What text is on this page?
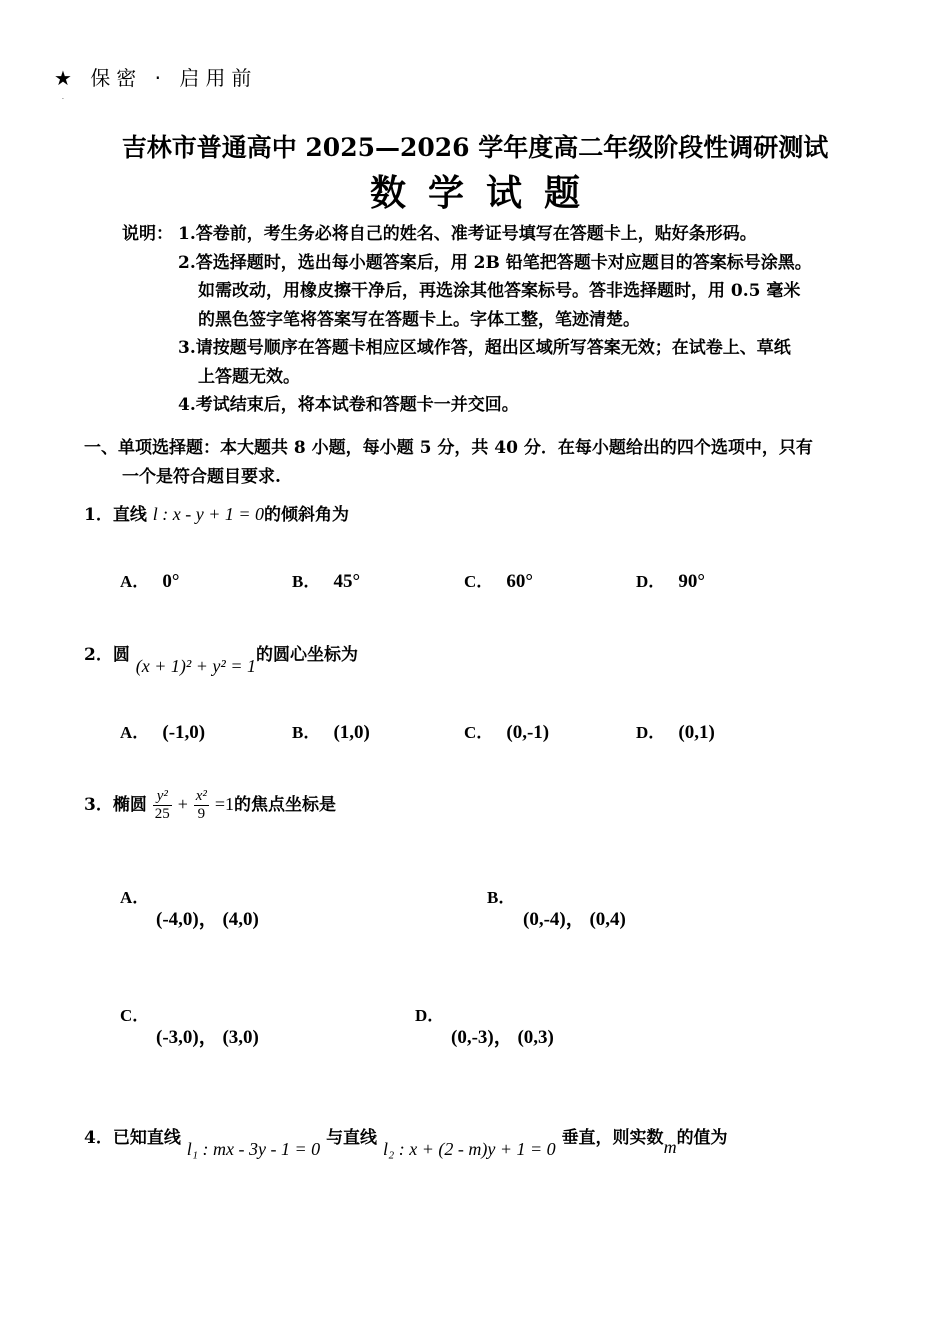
★ 保密 · 启用前
·
吉林市普通高中 2025—2026 学年度高二年级阶段性调研测试
数学试题
说明： 1.答卷前，考生务必将自己的姓名、准考证号填写在答题卡上，贴好条形码。
2.答选择题时，选出每小题答案后，用 2B 铅笔把答题卡对应题目的答案标号涂黑。
如需改动，用橡皮擦干净后，再选涂其他答案标号。答非选择题时，用 0.5 毫米
的黑色签字笔将答案写在答题卡上。字体工整，笔迹清楚。
3.请按题号顺序在答题卡相应区域作答，超出区域所写答案无效；在试卷上、草纸
上答题无效。
4.考试结束后，将本试卷和答题卡一并交回。
一、单项选择题：本大题共 8 小题，每小题 5 分，共 40 分．在每小题给出的四个选项中，只有
一个是符合题目要求.
1．直线 l : x - y + 1 = 0的倾斜角为
A． 0°	B． 45°	C． 60°	D． 90°
2．圆 (x + 1)² + y² = 1的圆心坐标为
A． (-1,0)	B． (1,0)	C． (0,-1)	D． (0,1)
3．椭圆 $\frac{\text{y²}}{25} + \frac{\text{x²}}{9} =1$的焦点坐标是
A．
(-4,0)， (4,0)
B．
(0,-4)， (0,4)
C．
(-3,0)， (3,0)
D．
(0,-3)， (0,3)
4．已知直线 l₁ : mx - 3y - 1 = 0 与直线 l₂ : x + (2 - m)y + 1 = 0 垂直，则实数m的值为
